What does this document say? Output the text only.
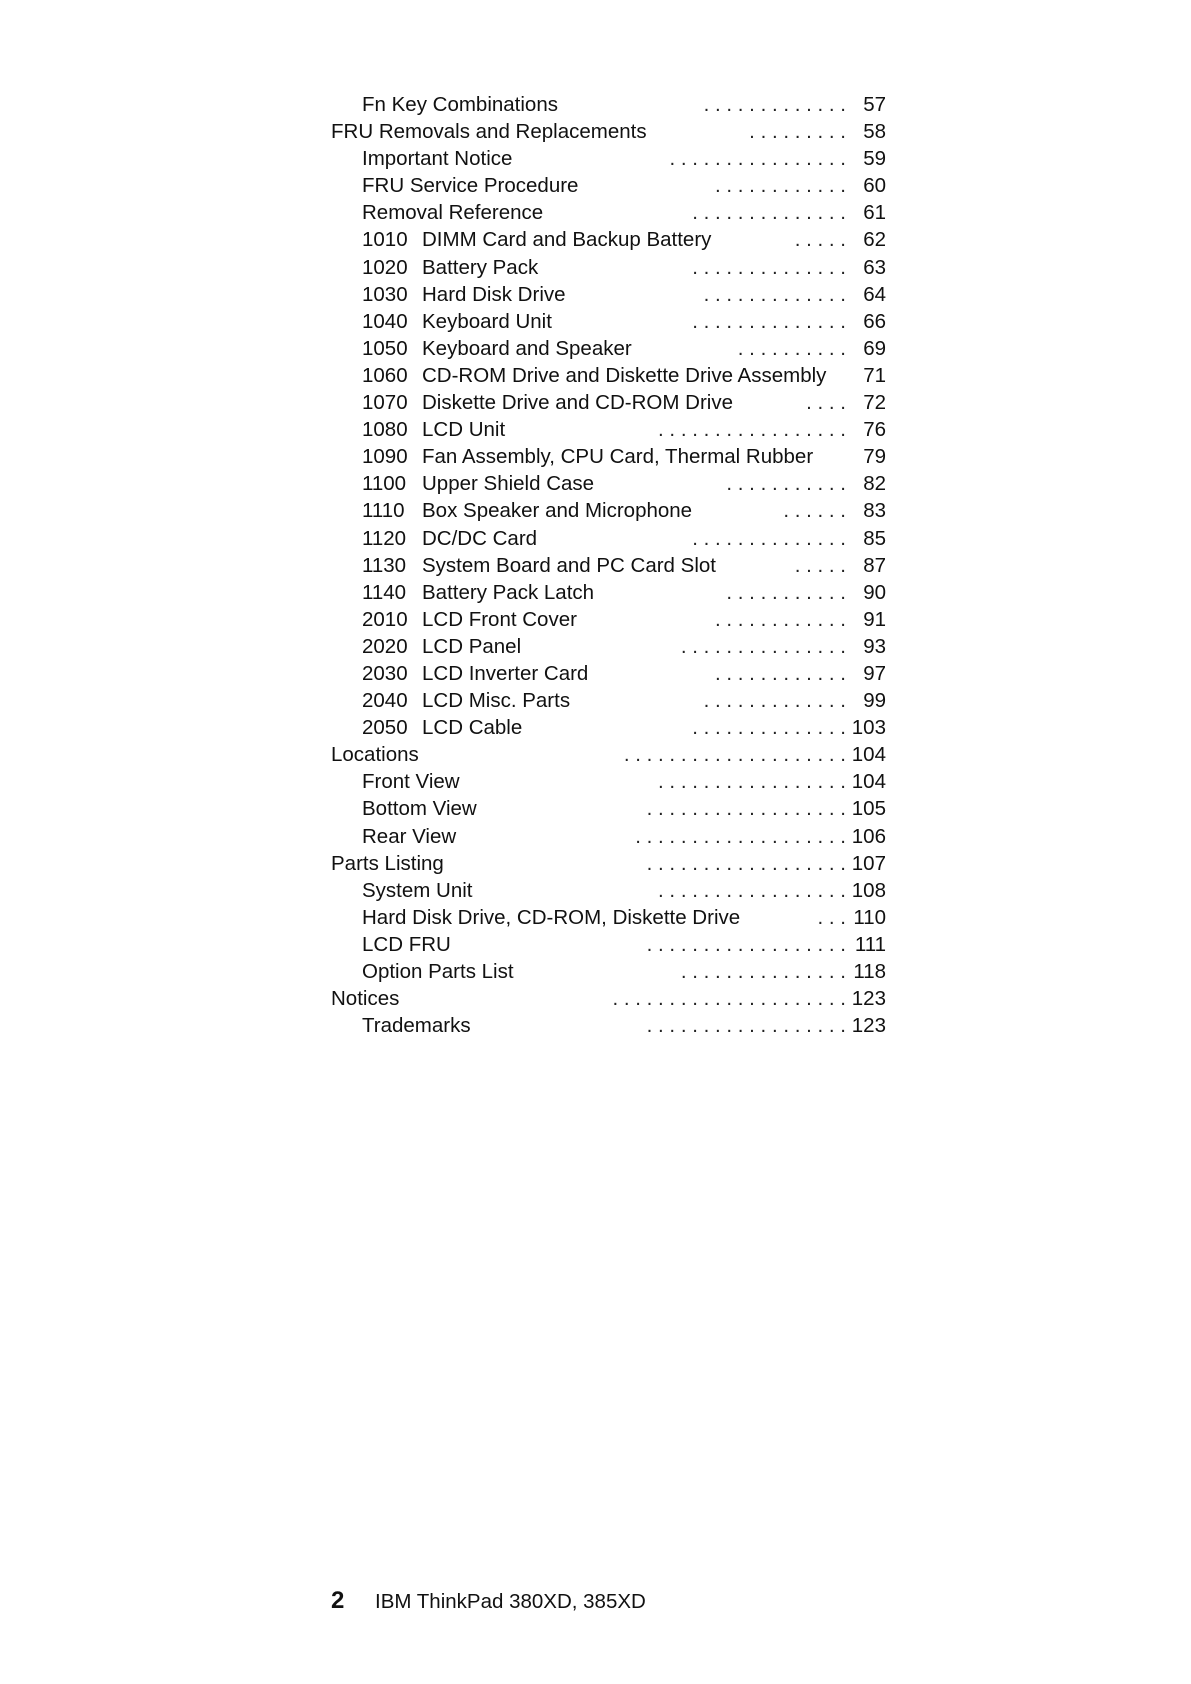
Fn Key Combinations	. . . . . . . . . . . . . 57
FRU Removals and Replacements	. . . . . . . . . 58
Important Notice	. . . . . . . . . . . . . . . . 59
FRU Service Procedure	. . . . . . . . . . . . 60
Removal Reference	. . . . . . . . . . . . . . 61
1010 DIMM Card and Backup Battery	. . . . . 62
1020 Battery Pack	. . . . . . . . . . . . . . 63
1030 Hard Disk Drive	. . . . . . . . . . . . . 64
1040 Keyboard Unit	. . . . . . . . . . . . . . 66
1050 Keyboard and Speaker	. . . . . . . . . . 69
1060 CD-ROM Drive and Diskette Drive Assembly	71
1070 Diskette Drive and CD-ROM Drive	. . . . 72
1080 LCD Unit	. . . . . . . . . . . . . . . . . 76
1090 Fan Assembly, CPU Card, Thermal Rubber	79
1100 Upper Shield Case	. . . . . . . . . . . 82
1110 Box Speaker and Microphone	. . . . . . 83
1120 DC/DC Card	. . . . . . . . . . . . . . 85
1130 System Board and PC Card Slot	. . . . . 87
1140 Battery Pack Latch	. . . . . . . . . . . 90
2010 LCD Front Cover	. . . . . . . . . . . . 91
2020 LCD Panel	. . . . . . . . . . . . . . . 93
2030 LCD Inverter Card	. . . . . . . . . . . . 97
2040 LCD Misc. Parts	. . . . . . . . . . . . . 99
2050 LCD Cable	. . . . . . . . . . . . . . 103
Locations	. . . . . . . . . . . . . . . . . . . . 104
Front View	. . . . . . . . . . . . . . . . . 104
Bottom View	. . . . . . . . . . . . . . . . . . 105
Rear View	. . . . . . . . . . . . . . . . . . . 106
Parts Listing	. . . . . . . . . . . . . . . . . . 107
System Unit	. . . . . . . . . . . . . . . . . 108
Hard Disk Drive, CD-ROM, Diskette Drive	. . . 110
LCD FRU	. . . . . . . . . . . . . . . . . . 111
Option Parts List	. . . . . . . . . . . . . . . 118
Notices	. . . . . . . . . . . . . . . . . . . . . 123
Trademarks	. . . . . . . . . . . . . . . . . . 123
2 IBM ThinkPad 380XD, 385XD
